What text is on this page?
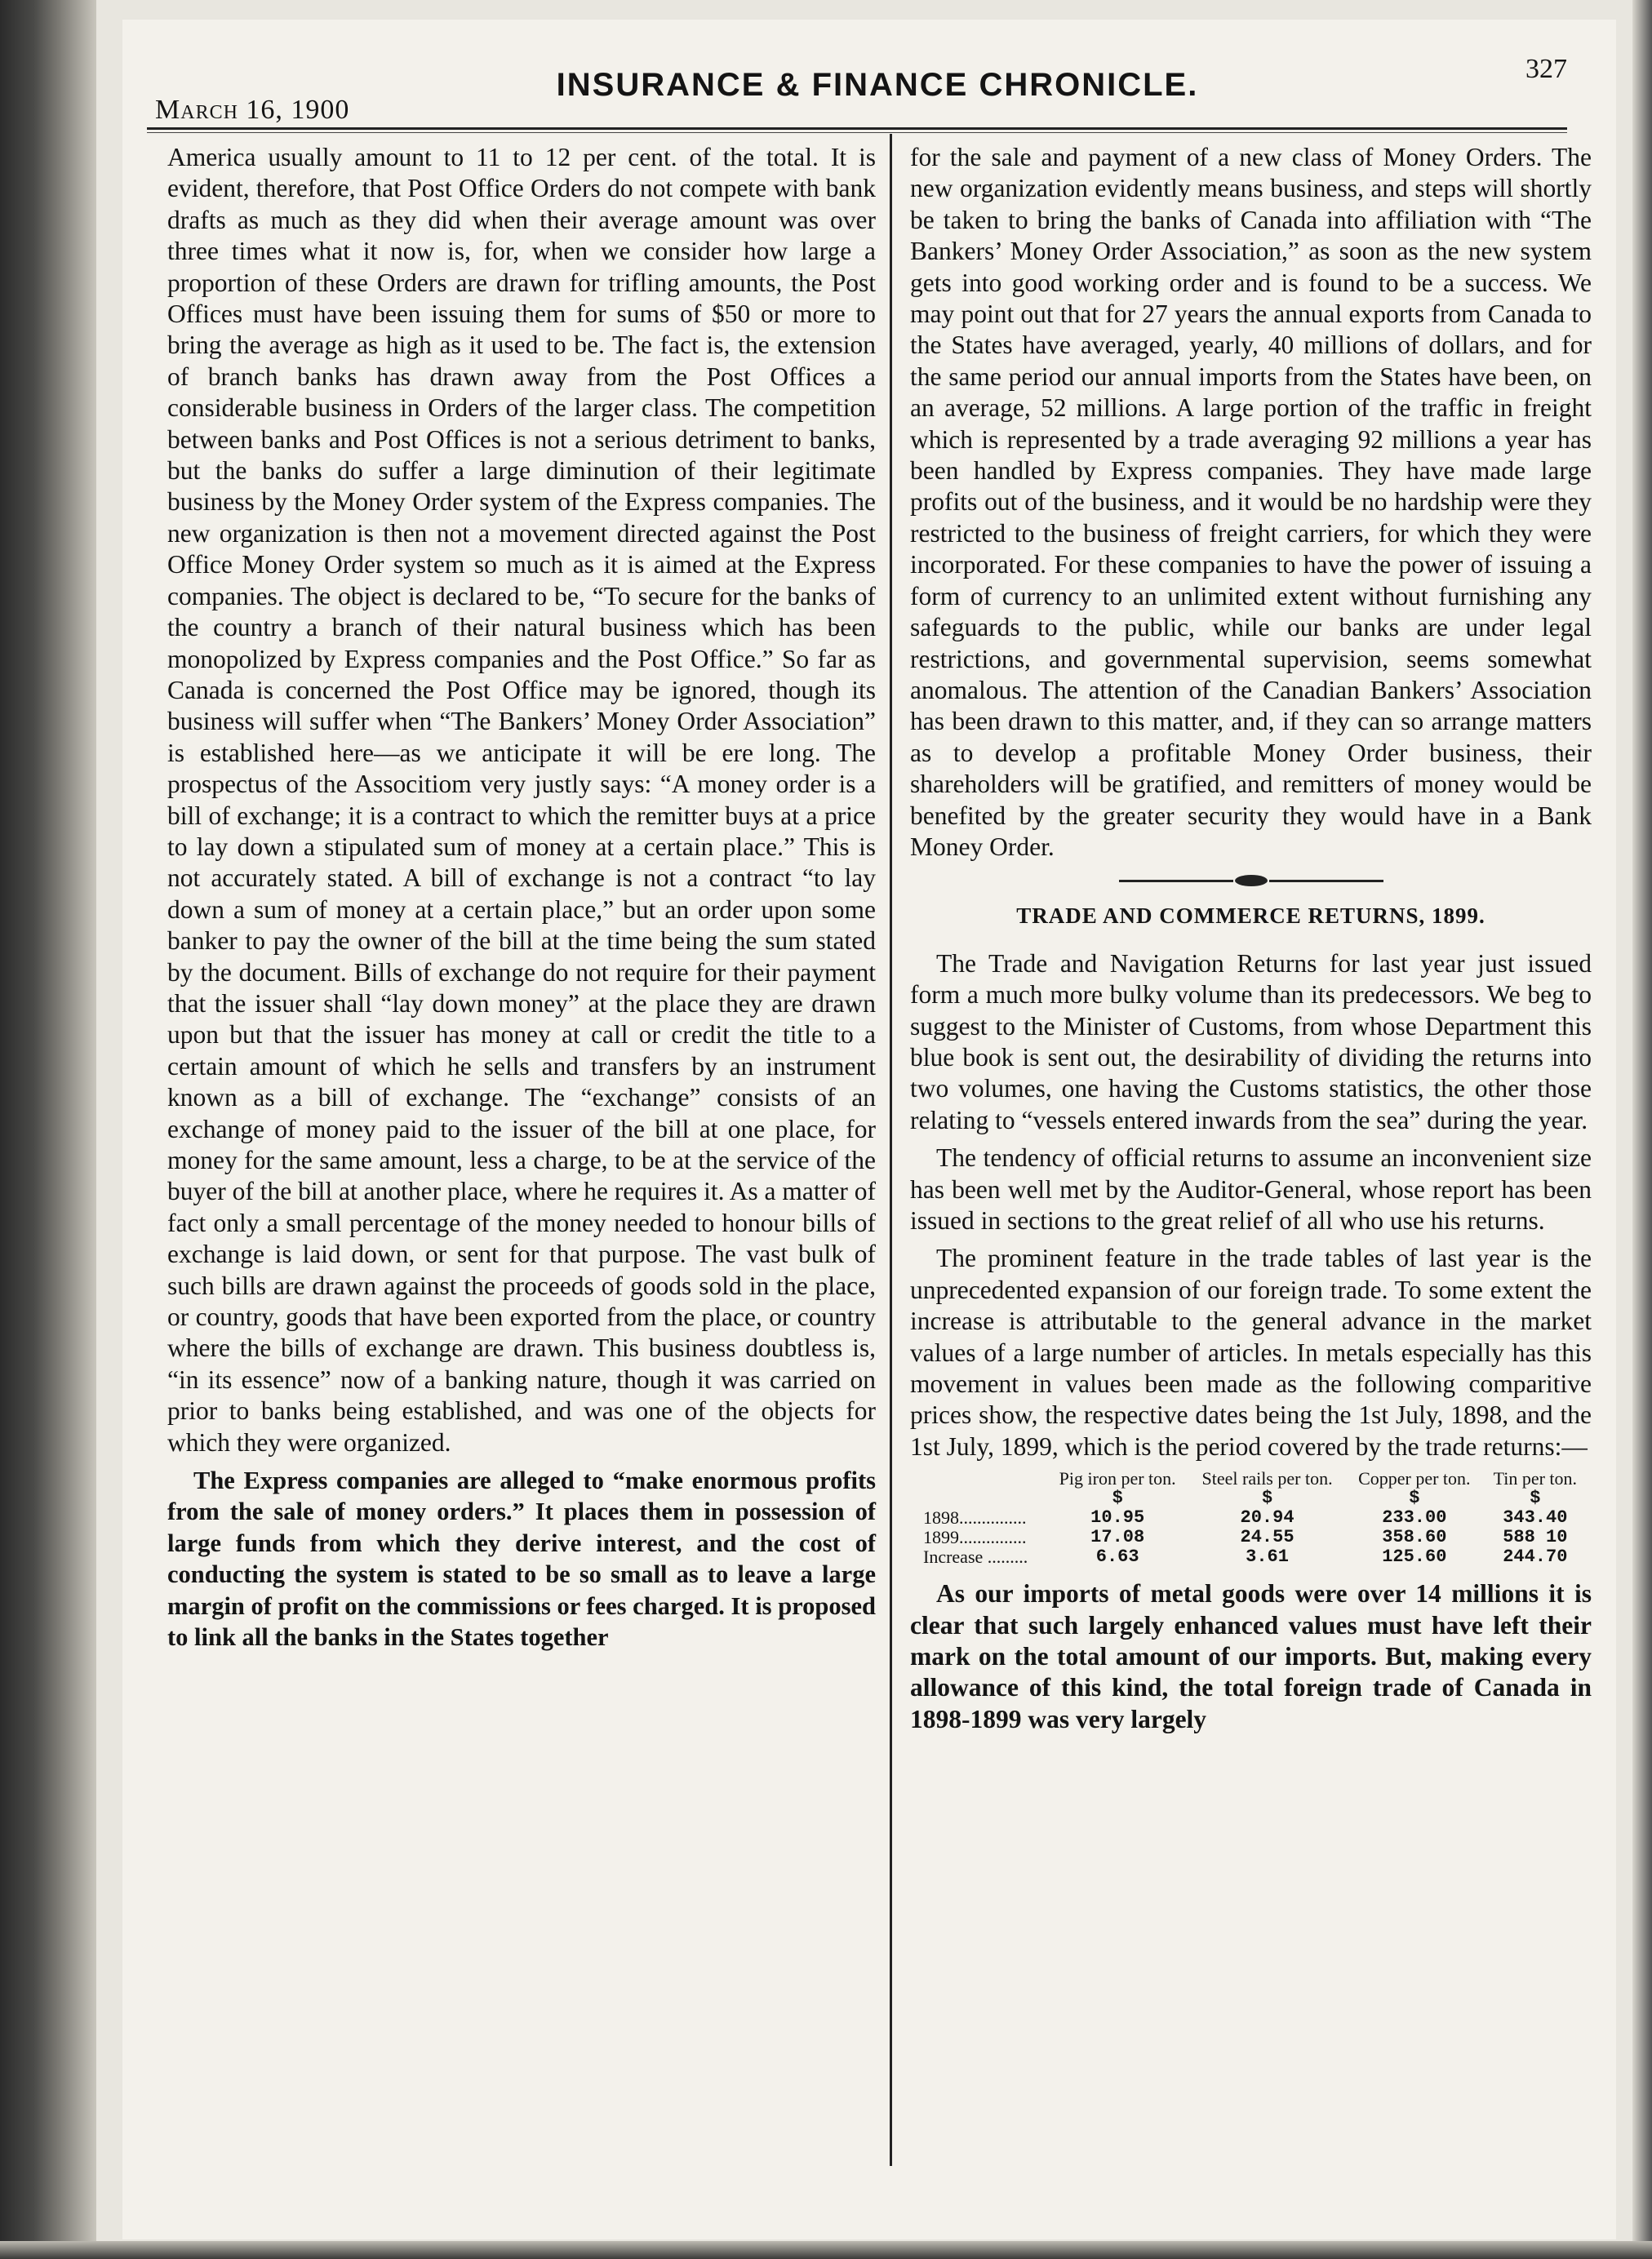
March 16, 1900
INSURANCE & FINANCE CHRONICLE.	327

America usually amount to 11 to 12 per cent. of the total. It is evident, therefore, that Post Office Orders do not compete with bank drafts as much as they did when their average amount was over three times what it now is, for, when we consider how large a proportion of these Orders are drawn for trifling amounts, the Post Offices must have been issuing them for sums of $50 or more to bring the average as high as it used to be. The fact is, the extension of branch banks has drawn away from the Post Offices a considerable business in Orders of the larger class. The competition between banks and Post Offices is not a serious detriment to banks, but the banks do suffer a large diminution of their legitimate business by the Money Order system of the Express companies. The new organization is then not a movement directed against the Post Office Money Order system so much as it is aimed at the Express companies. The object is declared to be, “To secure for the banks of the country a branch of their natural business which has been monopolized by Express companies and the Post Office.” So far as Canada is concerned the Post Office may be ignored, though its business will suffer when “The Bankers’ Money Order Association” is established here—as we anticipate it will be ere long. The prospectus of the Associtiom very justly says: “A money order is a bill of exchange; it is a contract to which the remitter buys at a price to lay down a stipulated sum of money at a certain place.” This is not accurately stated. A bill of exchange is not a contract “to lay down a sum of money at a certain place,” but an order upon some banker to pay the owner of the bill at the time being the sum stated by the document. Bills of exchange do not require for their payment that the issuer shall “lay down money” at the place they are drawn upon but that the issuer has money at call or credit the title to a certain amount of which he sells and transfers by an instrument known as a bill of exchange. The “exchange” consists of an exchange of money paid to the issuer of the bill at one place, for money for the same amount, less a charge, to be at the service of the buyer of the bill at another place, where he requires it. As a matter of fact only a small percentage of the money needed to honour bills of exchange is laid down, or sent for that purpose. The vast bulk of such bills are drawn against the proceeds of goods sold in the place, or country, goods that have been exported from the place, or country where the bills of exchange are drawn. This business doubtless is, “in its essence” now of a banking nature, though it was carried on prior to banks being established, and was one of the objects for which they were organized.

The Express companies are alleged to “make enormous profits from the sale of money orders.” It places them in possession of large funds from which they derive interest, and the cost of conducting the system is stated to be so small as to leave a large margin of profit on the commissions or fees charged. It is proposed to link all the banks in the States together

for the sale and payment of a new class of Money Orders. The new organization evidently means business, and steps will shortly be taken to bring the banks of Canada into affiliation with “The Bankers’ Money Order Association,” as soon as the new system gets into good working order and is found to be a success. We may point out that for 27 years the annual exports from Canada to the States have averaged, yearly, 40 millions of dollars, and for the same period our annual imports from the States have been, on an average, 52 millions. A large portion of the traffic in freight which is represented by a trade averaging 92 millions a year has been handled by Express companies. They have made large profits out of the business, and it would be no hardship were they restricted to the business of freight carriers, for which they were incorporated. For these companies to have the power of issuing a form of currency to an unlimited extent without furnishing any safeguards to the public, while our banks are under legal restrictions, and governmental supervision, seems somewhat anomalous. The attention of the Canadian Bankers’ Association has been drawn to this matter, and, if they can so arrange matters as to develop a profitable Money Order business, their shareholders will be gratified, and remitters of money would be benefited by the greater security they would have in a Bank Money Order.

TRADE AND COMMERCE RETURNS, 1899.

The Trade and Navigation Returns for last year just issued form a much more bulky volume than its predecessors. We beg to suggest to the Minister of Customs, from whose Department this blue book is sent out, the desirability of dividing the returns into two volumes, one having the Customs statistics, the other those relating to “vessels entered inwards from the sea” during the year.

The tendency of official returns to assume an inconvenient size has been well met by the Auditor-General, whose report has been issued in sections to the great relief of all who use his returns.

The prominent feature in the trade tables of last year is the unprecedented expansion of our foreign trade. To some extent the increase is attributable to the general advance in the market values of a large number of articles. In metals especially has this movement in values been made as the following comparitive prices show, the respective dates being the 1st July, 1898, and the 1st July, 1899, which is the period covered by the trade returns:—

	Pig iron per ton.	Steel rails per ton.	Copper per ton.	Tin per ton.
	$	$	$	$
1898...............	10.95	20.94	233.00	343.40
1899...............	17.08	24.55	358.60	588 10
Increase .........	6.63	3.61	125.60	244.70

As our imports of metal goods were over 14 millions it is clear that such largely enhanced values must have left their mark on the total amount of our imports. But, making every allowance of this kind, the total foreign trade of Canada in 1898-1899 was very largely
